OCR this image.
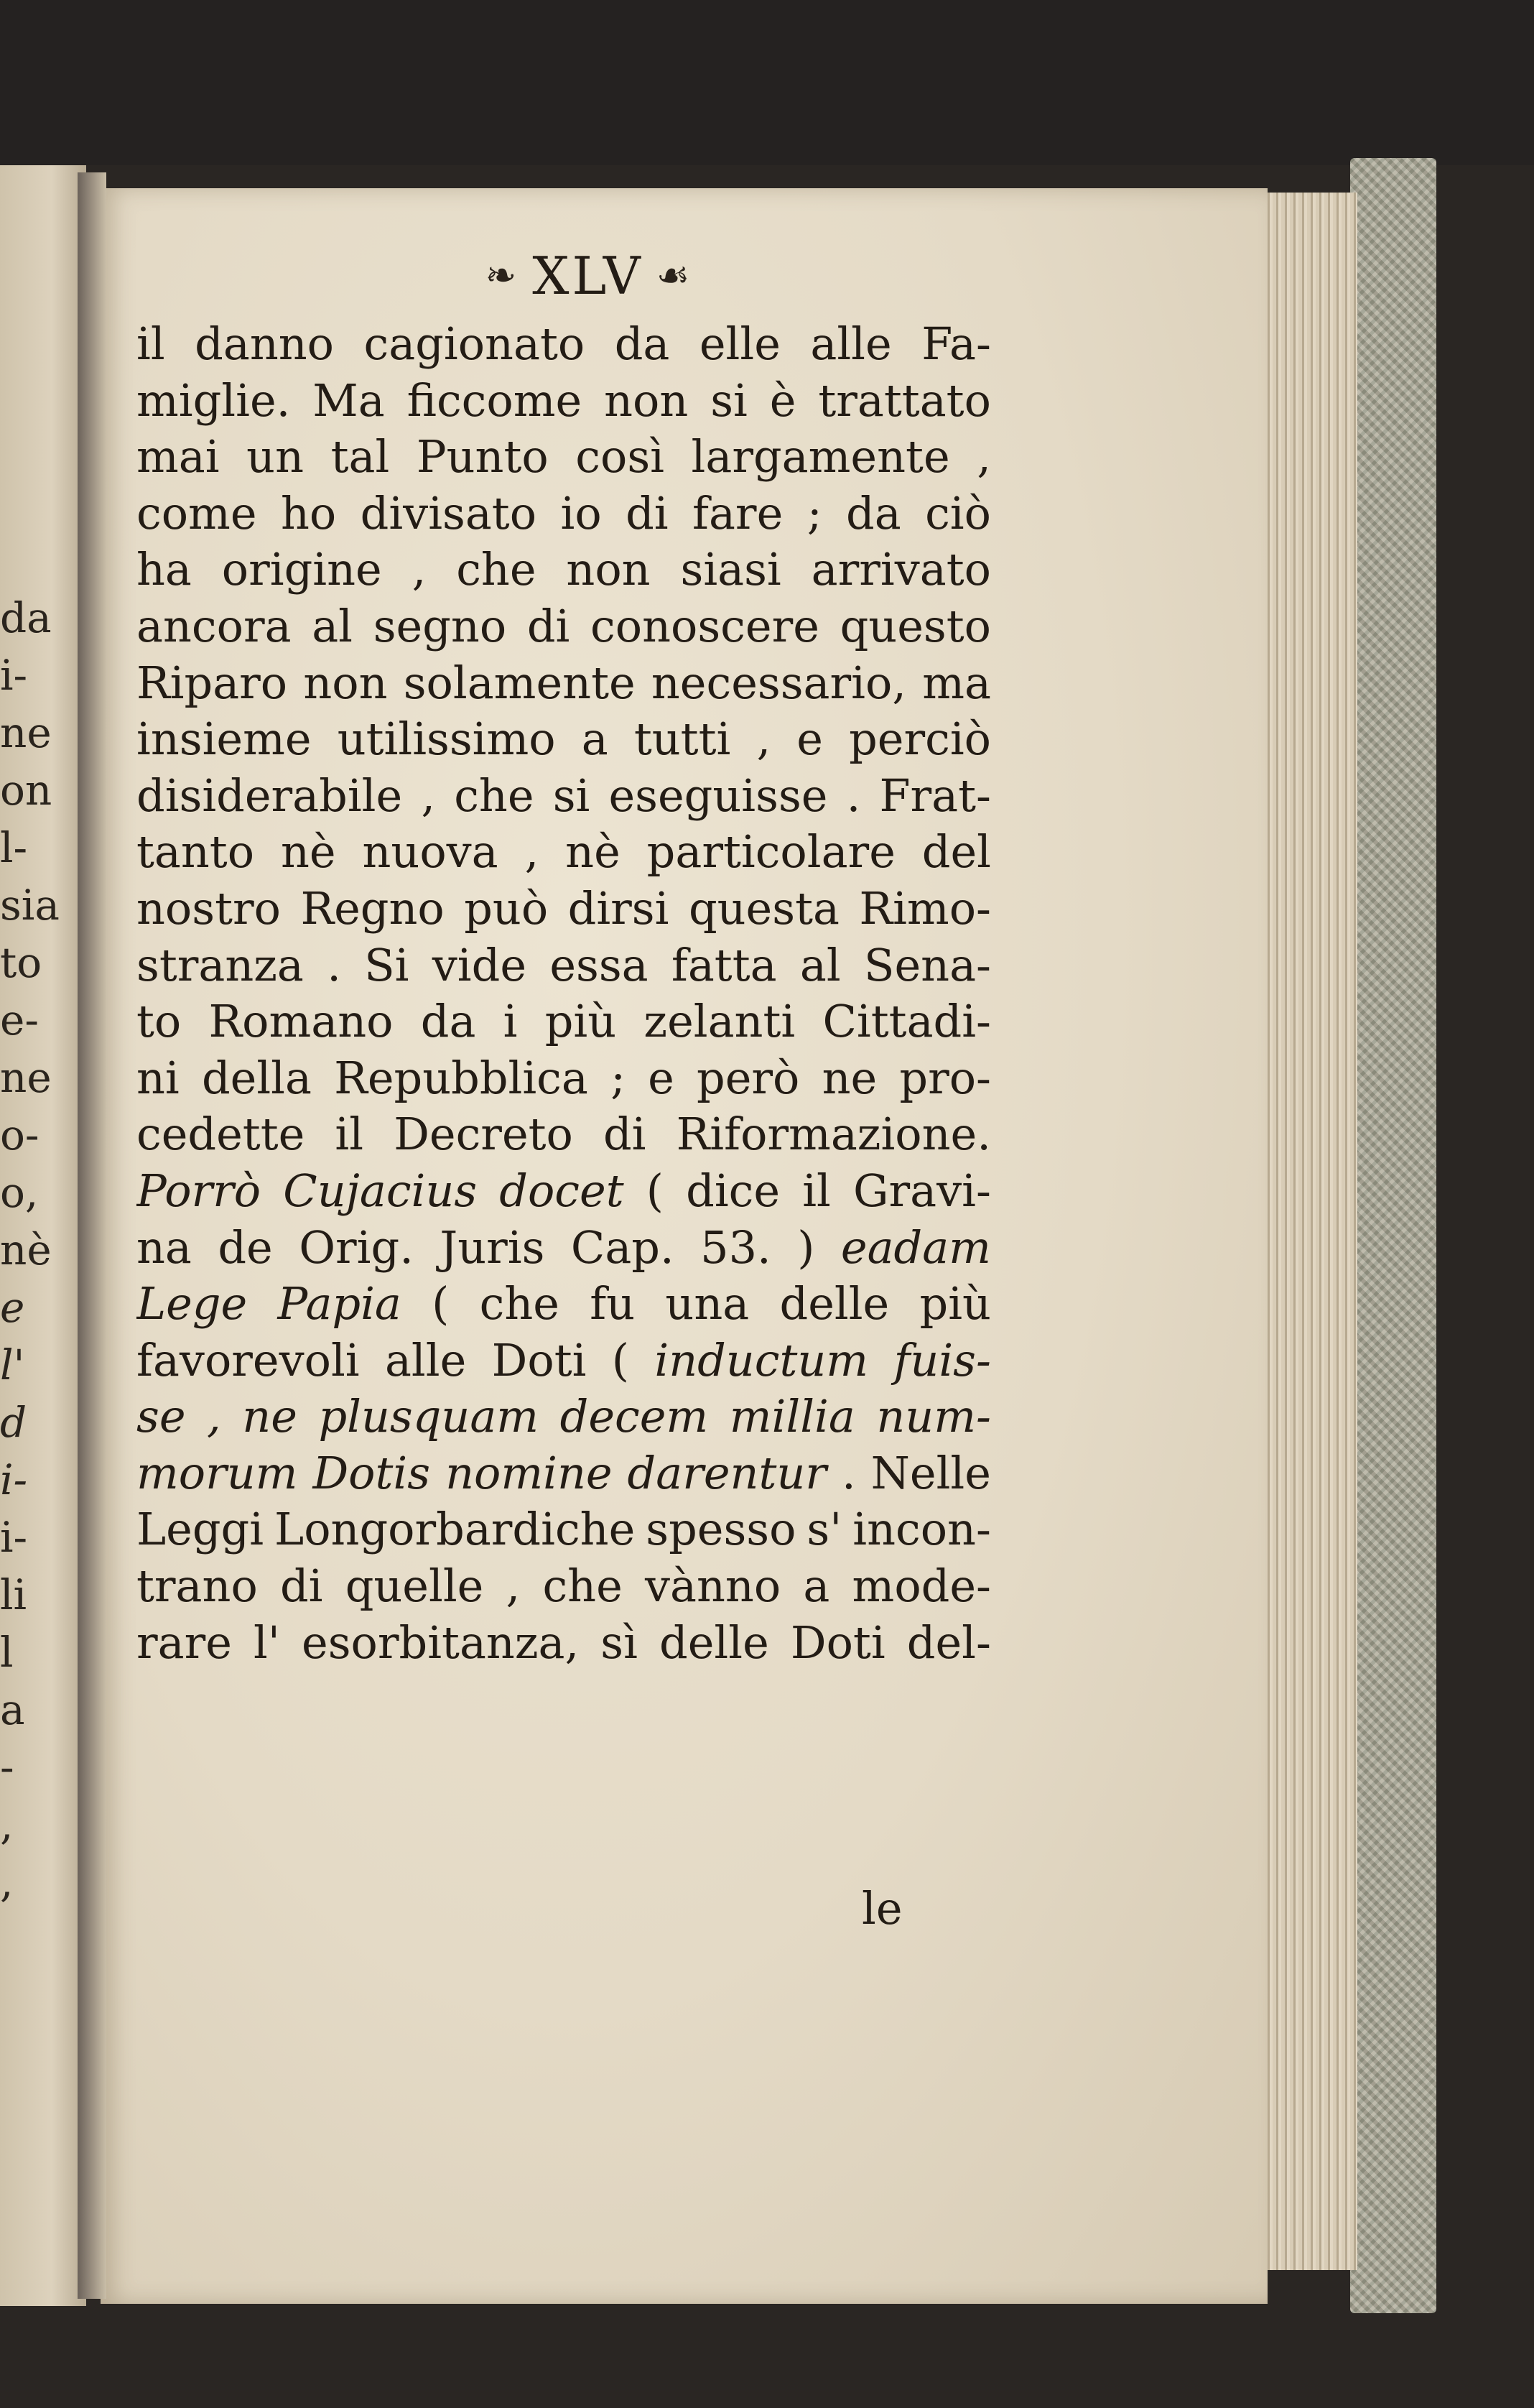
da
i-
ne
on
l-
sia
to
e-
ne
o-
o,
nè
e
l'
d
i-
i-
li
l
a
-
,
,
❧ XLV ☙
il danno cagionato da elle alle Fa-
miglie. Ma ficcome non si è trattato
mai un tal Punto così largamente ,
come ho divisato io di fare ; da ciò
ha origine , che non siasi arrivato
ancora al segno di conoscere questo
Riparo non solamente necessario, ma
insieme utilissimo a tutti , e perciò
disiderabile , che si eseguisse . Frat-
tanto nè nuova , nè particolare del
nostro Regno può dirsi questa Rimo-
stranza . Si vide essa fatta al Sena-
to Romano da i più zelanti Cittadi-
ni della Repubblica ; e però ne pro-
cedette il Decreto di Riformazione.
Porrò Cujacius docet ( dice il Gravi-
na de Orig. Juris Cap. 53. ) eadam
Lege Papia ( che fu una delle più
favorevoli alle Doti ( inductum fuis-
se , ne plusquam decem millia num-
morum Dotis nomine darentur . Nelle
Leggi Longorbardiche spesso s' incon-
trano di quelle , che vànno a mode-
rare l' esorbitanza, sì delle Doti del-
le
